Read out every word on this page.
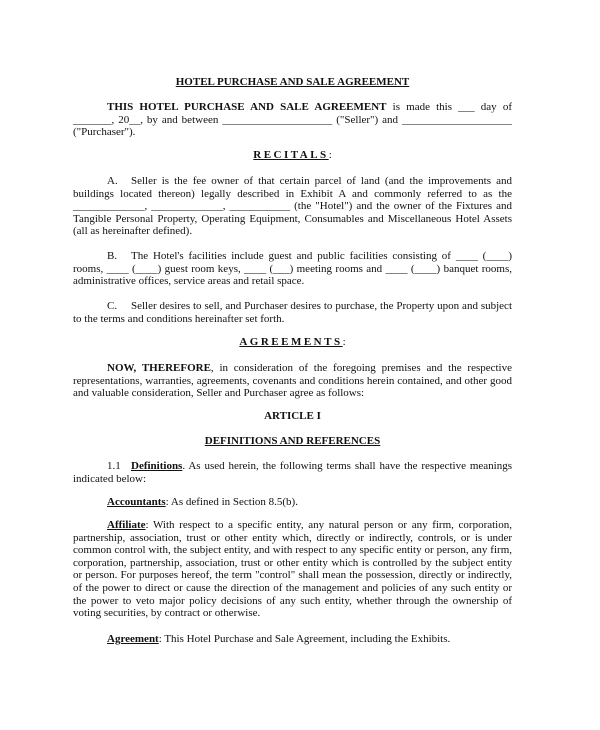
HOTEL PURCHASE AND SALE AGREEMENT
THIS HOTEL PURCHASE AND SALE AGREEMENT is made this ___ day of _______, 20__, by and between ____________________ ("Seller") and ____________________ ("Purchaser").
RECITALS:
A. Seller is the fee owner of that certain parcel of land (and the improvements and buildings located thereon) legally described in Exhibit A and commonly referred to as the _____________, _____________, ___________ (the "Hotel") and the owner of the Fixtures and Tangible Personal Property, Operating Equipment, Consumables and Miscellaneous Hotel Assets (all as hereinafter defined).
B. The Hotel's facilities include guest and public facilities consisting of ____ (____) rooms, ____ (____) guest room keys, ____ (___) meeting rooms and ____ (____) banquet rooms, administrative offices, service areas and retail space.
C. Seller desires to sell, and Purchaser desires to purchase, the Property upon and subject to the terms and conditions hereinafter set forth.
AGREEMENTS:
NOW, THEREFORE, in consideration of the foregoing premises and the respective representations, warranties, agreements, covenants and conditions herein contained, and other good and valuable consideration, Seller and Purchaser agree as follows:
ARTICLE I
DEFINITIONS AND REFERENCES
1.1 Definitions. As used herein, the following terms shall have the respective meanings indicated below:
Accountants: As defined in Section 8.5(b).
Affiliate: With respect to a specific entity, any natural person or any firm, corporation, partnership, association, trust or other entity which, directly or indirectly, controls, or is under common control with, the subject entity, and with respect to any specific entity or person, any firm, corporation, partnership, association, trust or other entity which is controlled by the subject entity or person. For purposes hereof, the term "control" shall mean the possession, directly or indirectly, of the power to direct or cause the direction of the management and policies of any such entity or the power to veto major policy decisions of any such entity, whether through the ownership of voting securities, by contract or otherwise.
Agreement: This Hotel Purchase and Sale Agreement, including the Exhibits.
